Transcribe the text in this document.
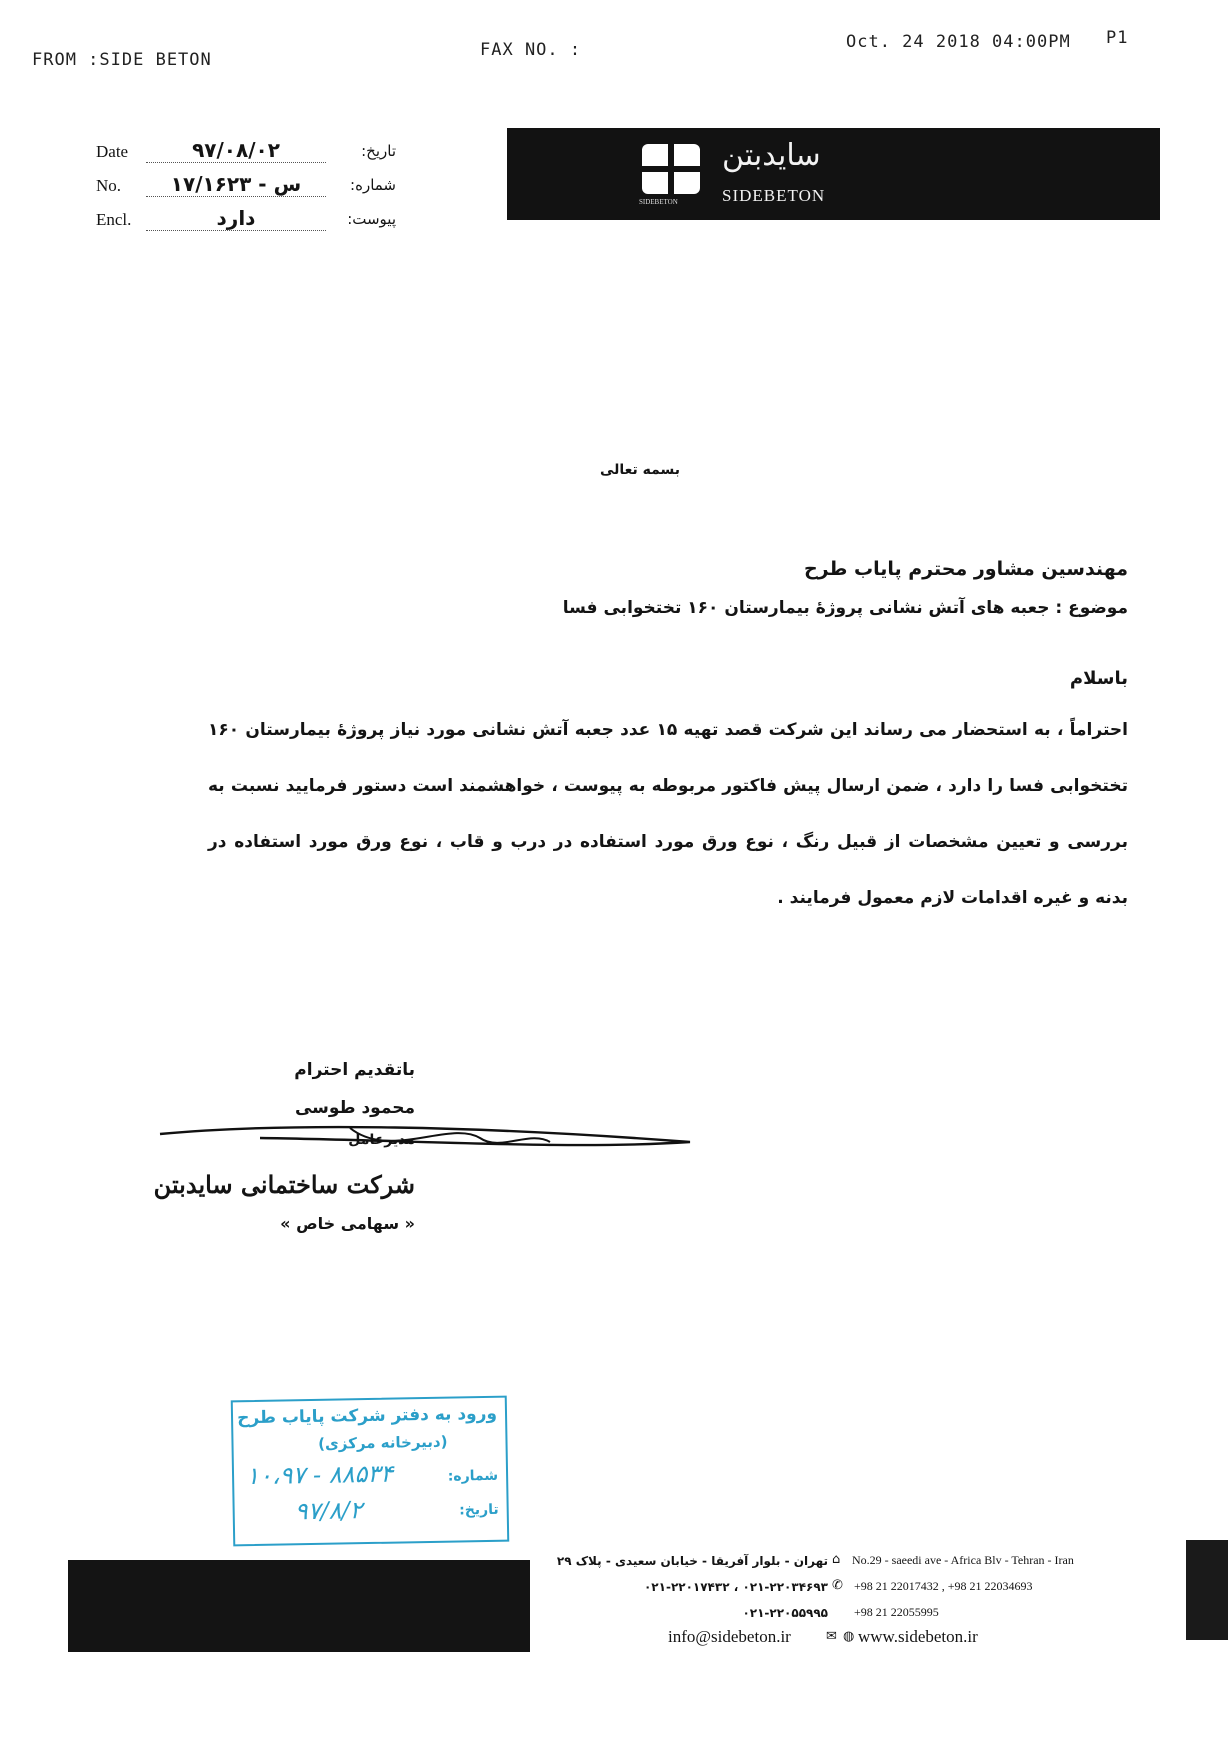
FROM :SIDE BETON	FAX NO. :	Oct. 24 2018 04:00PM P1
Date	۹۷/۰۸/۰۲	تاریخ:
No.	۱۷/۱۶۲۳ - س	شماره:
Encl.	دارد	پیوست:
SIDEBETON
سایدبتن
SIDEBETON
بسمه تعالی
مهندسین مشاور محترم پایاب طرح
موضوع : جعبه های آتش نشانی پروژۀ بیمارستان ۱۶۰ تختخوابی فسا
باسلام
احتراماً ، به استحضار می رساند این شرکت قصد تهیه ۱۵ عدد جعبه آتش نشانی مورد نیاز پروژۀ بیمارستان ۱۶۰ تختخوابی فسا را دارد ، ضمن ارسال پیش فاکتور مربوطه به پیوست ، خواهشمند است دستور فرمایید نسبت به بررسی و تعیین مشخصات از قبیل رنگ ، نوع ورق مورد استفاده در درب و قاب ، نوع ورق مورد استفاده در بدنه و غیره اقدامات لازم معمول فرمایند .
باتقدیم احترام
محمود طوسی
مدیرعامل
شرکت ساختمانی سایدبتن
« سهامی خاص »
ورود به دفتر شرکت پایاب طرح
(دبیرخانه مرکزی)
شماره:
۱۰،۹۷ - ۸۸۵۳۴
تاریخ:
۹۷/۸/۲
تهران - بلوار آفریقا - خیابان سعیدی - پلاک ۲۹ ⌂ No.29 - saeedi ave - Africa Blv - Tehran - Iran
۰۲۱-۲۲۰۳۴۶۹۳ ، ۰۲۱-۲۲۰۱۷۴۳۲ ✆ +98 21 22017432 , +98 21 22034693
۰۲۱-۲۲۰۵۵۹۹۵ +98 21 22055995
info@sidebeton.ir	✉ ◍ www.sidebeton.ir
